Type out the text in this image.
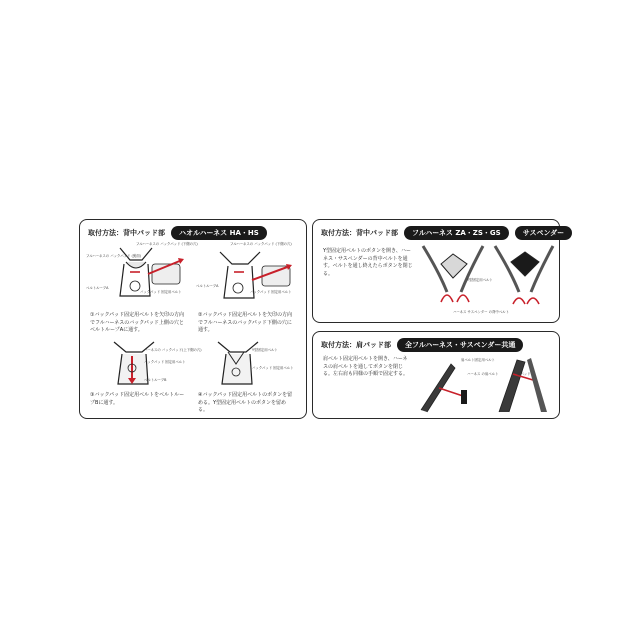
取付方法：背中パッド部	ハオルハーネス HA・HS
フルハーネスの バックパッド (裏面)
フルハーネスの バックパッド (下側の穴)
ベルトループA
バックパッド 固定用ベルト
①バックパッド固定用ベルトを矢印の方向でフルハーネスのバックパッド上側の穴とベルトループAに通す。
フルハーネスの バックパッド (下側の穴)
ベルトループA
バックパッド 固定用ベルト
②バックパッド固定用ベルトを矢印の方向でフルハーネスのバックパッド下側の穴に通す。
ハーネスの バックパッド(上下側の穴)
バックパッド 固定用ベルト
ベルトループB
③バックパッド固定用ベルトをベルトループBに通す。
Y型固定用ベルト
バックパッド 固定用ベルト
④バックパッド固定用ベルトのボタンを留める。Y型固定用ベルトのボタンを留める。
取付方法：背中パッド部	フルハーネス ZA・ZS・GS	サスペンダー
Y型固定用ベルトのボタンを開き、ハーネス・サスペンダーの背中ベルトを通す。ベルトを通し終えたらボタンを閉じる。
Y型固定用ベルト
ハーネス サスペンダー の背中ベルト
取付方法：肩パッド部	全フルハーネス・サスペンダー共通
肩ベルト固定用ベルトを開き、ハーネスの肩ベルトを通してボタンを閉じる。左右肩も同様の手順で固定する。
肩ベルト固定用ベルト
ハーネス の肩ベルト	肩パッド
